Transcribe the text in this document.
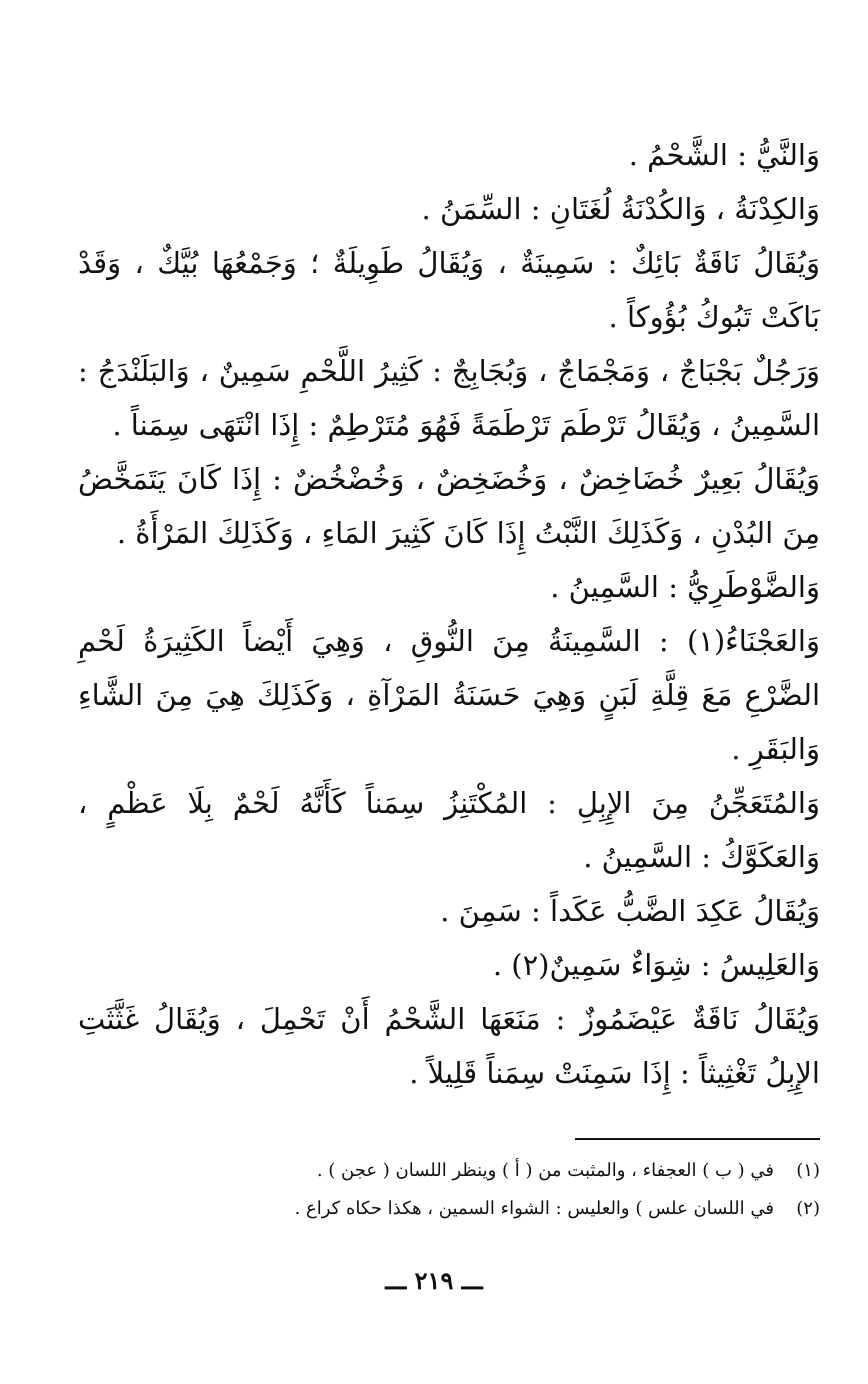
وَالنَّيُّ : الشَّحْمُ .

وَالكِدْنَةُ ، وَالكُدْنَةُ لُغَتَانِ : السِّمَنُ .

وَيُقَالُ نَاقَةٌ بَائِكٌ : سَمِينَةٌ ، وَيُقَالُ طَوِيلَةٌ ؛ وَجَمْعُهَا بُيَّكٌ ، وَقَدْ بَاكَتْ تَبُوكُ بُؤُوكاً .

وَرَجُلٌ بَجْبَاجٌ ، وَمَجْمَاجٌ ، وَبُجَابِجٌ : كَثِيرُ اللَّحْمِ سَمِينٌ ، وَالبَلَنْدَجُ : السَّمِينُ ، وَيُقَالُ تَرْطَمَ تَرْطَمَةً فَهُوَ مُتَرْطِمٌ : إِذَا انْتَهَى سِمَناً .

وَيُقَالُ بَعِيرٌ خُضَاخِضٌ ، وَخُضَخِضٌ ، وَخُضْخُضٌ : إِذَا كَانَ يَتَمَخَّضُ مِنَ البُدْنِ ، وَكَذَلِكَ النَّبْتُ إِذَا كَانَ كَثِيرَ المَاءِ ، وَكَذَلِكَ المَرْأَةُ .

وَالضَّوْطَرِيُّ : السَّمِينُ .

وَالعَجْنَاءُ(١) : السَّمِينَةُ مِنَ النُّوقِ ، وَهِيَ أَيْضاً الكَثِيرَةُ لَحْمِ الضَّرْعِ مَعَ قِلَّةِ لَبَنٍ وَهِيَ حَسَنَةُ المَرْآةِ ، وَكَذَلِكَ هِيَ مِنَ الشَّاءِ وَالبَقَرِ .

وَالمُتَعَجِّنُ مِنَ الإِبِلِ : المُكْتَنِزُ سِمَناً كَأَنَّهُ لَحْمٌ بِلَا عَظْمٍ ، وَالعَكَوَّكُ : السَّمِينُ .

وَيُقَالُ عَكِدَ الضَّبُّ عَكَداً : سَمِنَ .

وَالعَلِيسُ : شِوَاءٌ سَمِينٌ(٢) .

وَيُقَالُ نَاقَةٌ عَيْضَمُوزٌ : مَنَعَهَا الشَّحْمُ أَنْ تَحْمِلَ ، وَيُقَالُ غَثَّثَتِ الإِبِلُ تَغْثِيثاً : إِذَا سَمِنَتْ سِمَناً قَلِيلاً .

(١)في ( ب ) العجفاء ، والمثبت من ( أ ) وينظر اللسان ( عجن ) .
(٢)في اللسان علس ) والعليس : الشواء السمين ، هكذا حكاه كراع .
ـــ ٢١٩ ـــ
